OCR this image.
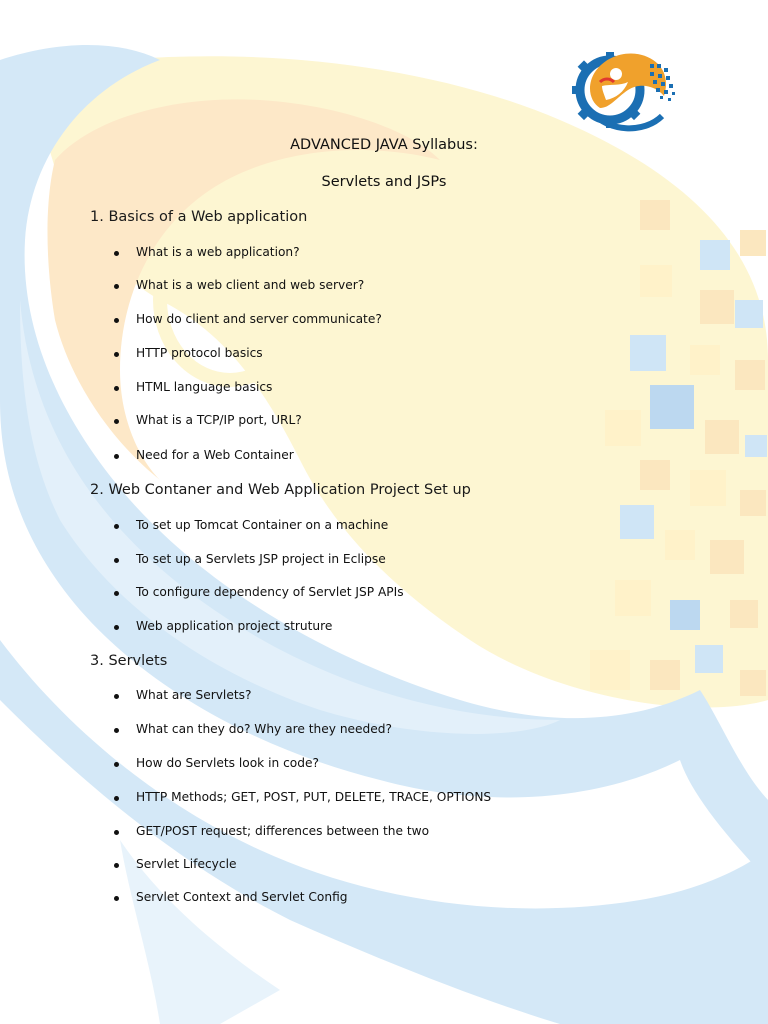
ADVANCED JAVA Syllabus:
Servlets and JSPs
1. Basics of a Web application
What is a web application?
What is a web client and web server?
How do client and server communicate?
HTTP protocol basics
HTML language basics
What is a TCP/IP port, URL?
Need for a Web Container
2. Web Contaner and Web Application Project Set up
To set up Tomcat Container on a machine
To set up a Servlets JSP project in Eclipse
To configure dependency of Servlet JSP APIs
Web application project struture
3. Servlets
What are Servlets?
What can they do? Why are they needed?
How do Servlets look in code?
HTTP Methods; GET, POST, PUT, DELETE, TRACE, OPTIONS
GET/POST request; differences between the two
Servlet Lifecycle
Servlet Context and Servlet Config
